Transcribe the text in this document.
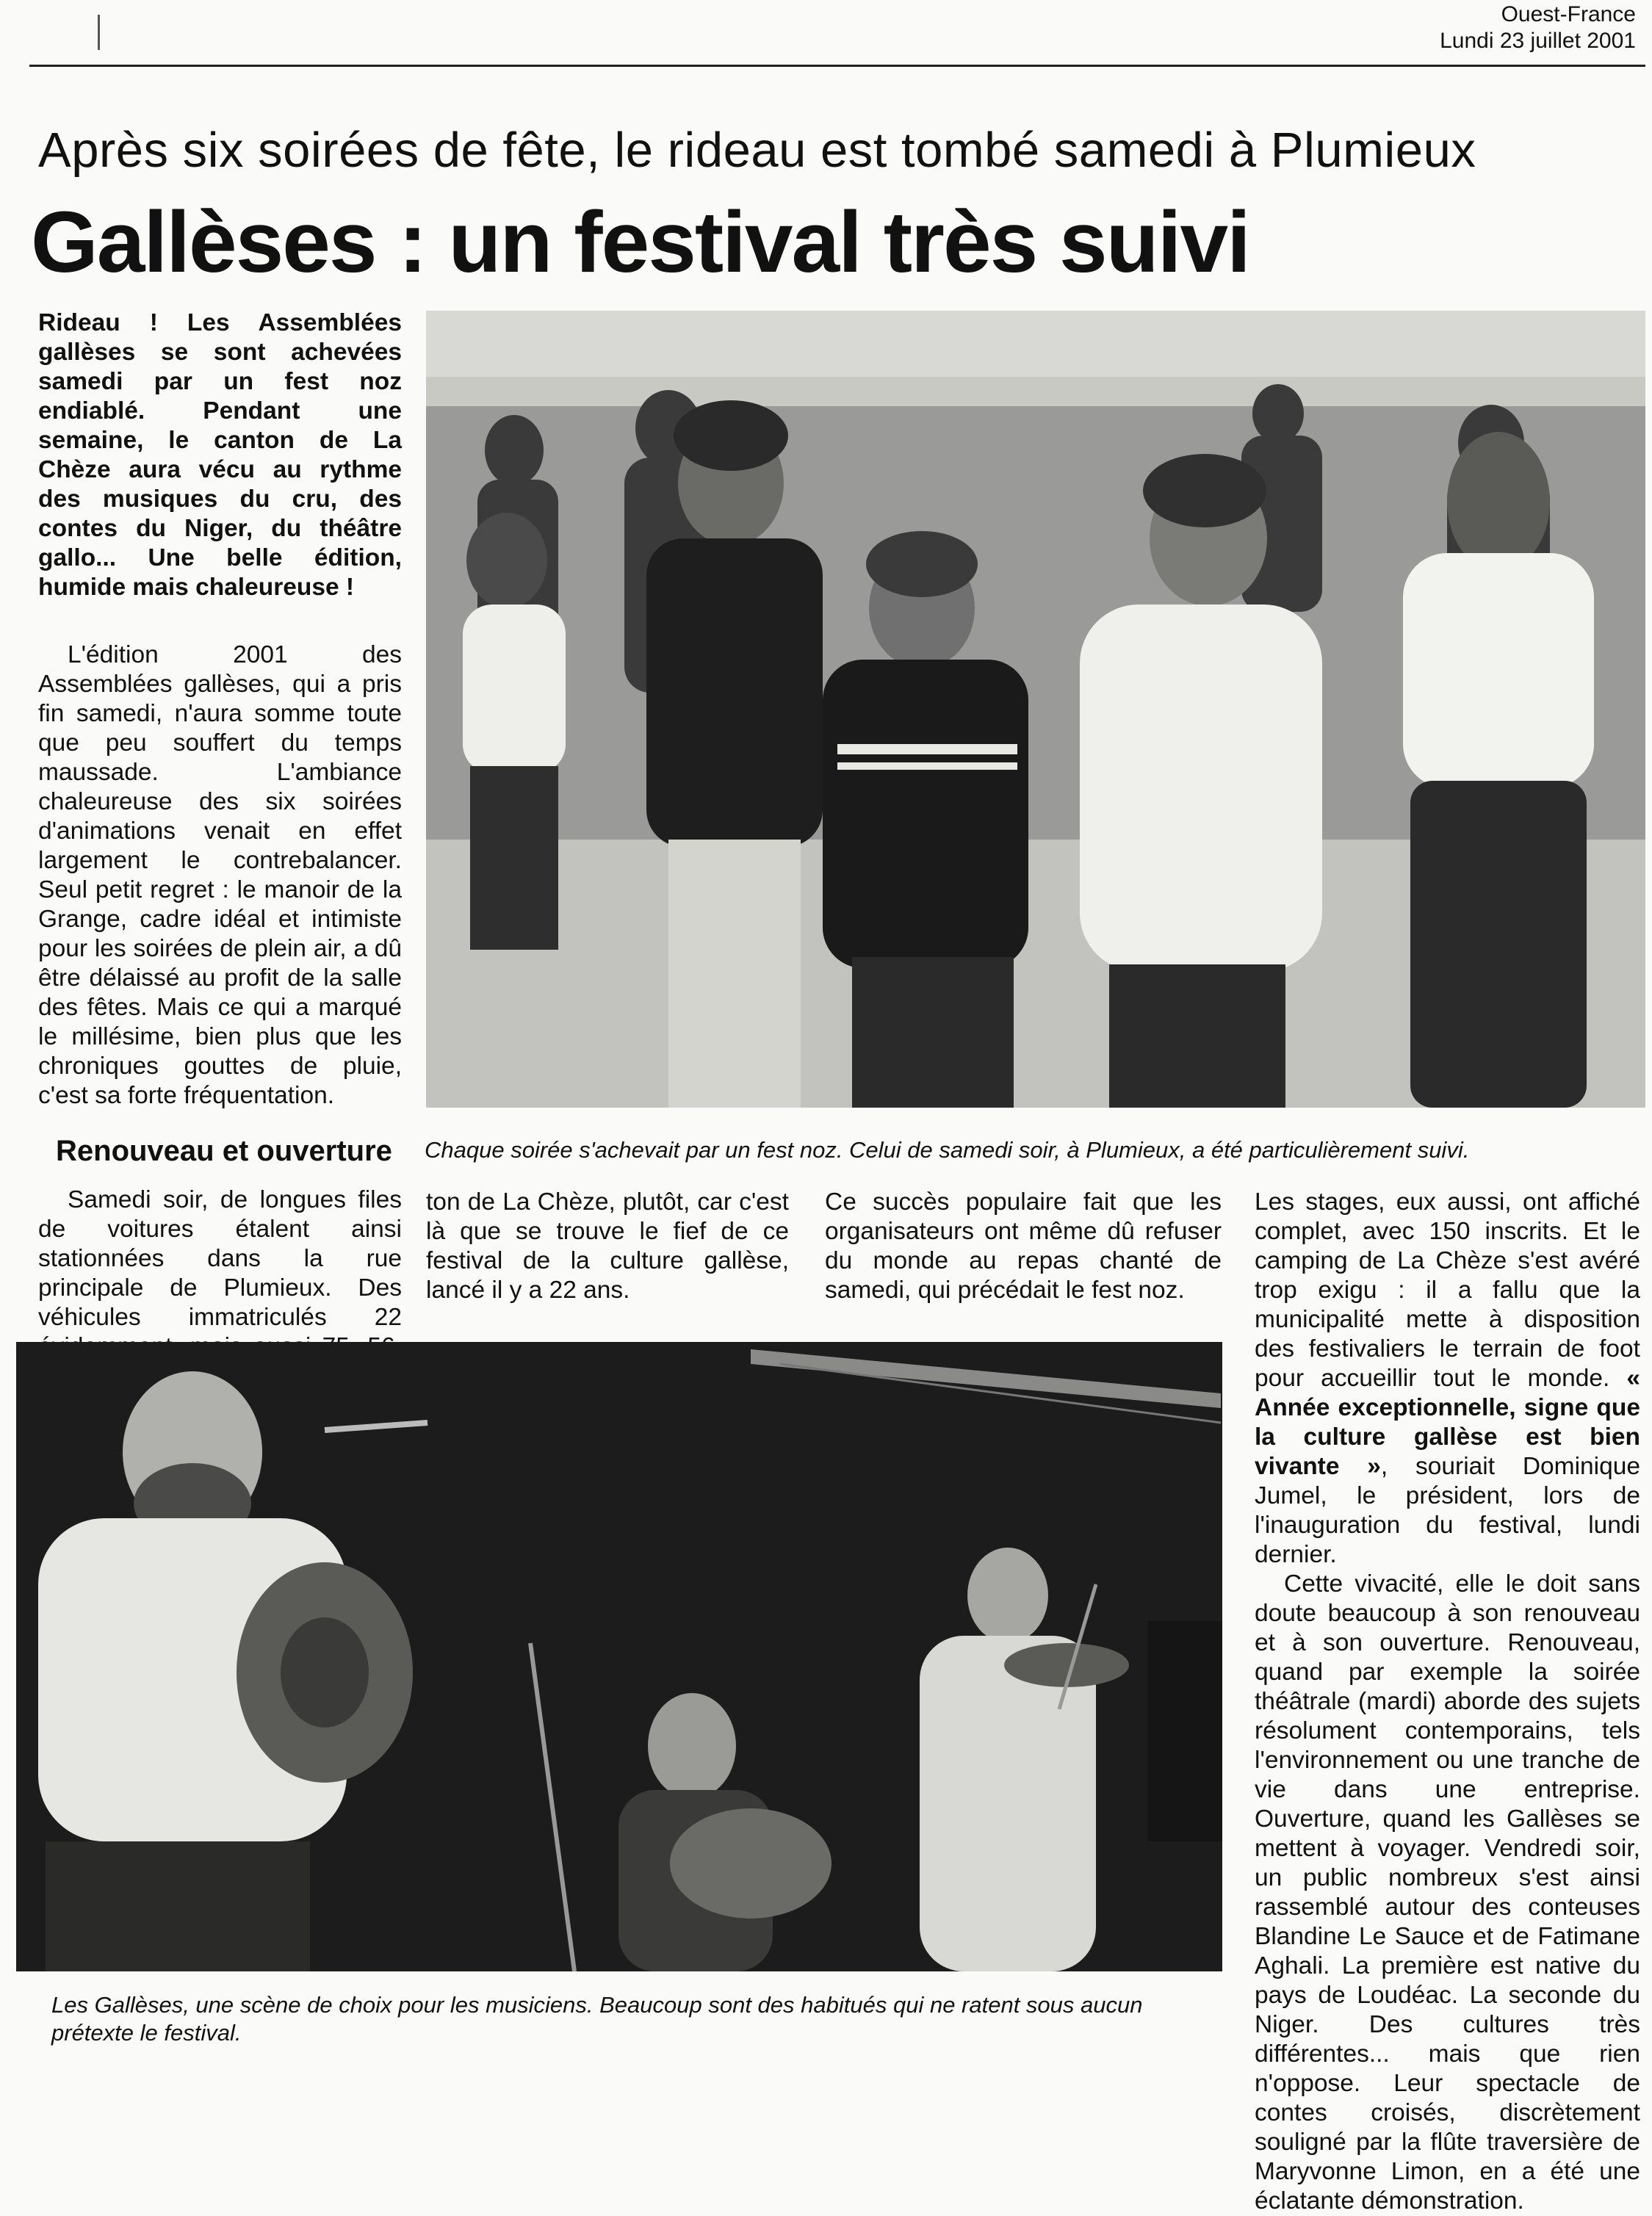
Ouest-France
Lundi 23 juillet 2001
Après six soirées de fête, le rideau est tombé samedi à Plumieux
Gallèses : un festival très suivi

Rideau ! Les Assemblées gallèses se sont achevées samedi par un fest noz endiablé. Pendant une semaine, le canton de La Chèze aura vécu au rythme des musiques du cru, des contes du Niger, du théâtre gallo... Une belle édition, humide mais chaleureuse !

L'édition 2001 des Assemblées gallèses, qui a pris fin samedi, n'aura somme toute que peu souffert du temps maussade. L'ambiance chaleureuse des six soirées d'animations venait en effet largement le contrebalancer. Seul petit regret : le manoir de la Grange, cadre idéal et intimiste pour les soirées de plein air, a dû être délaissé au profit de la salle des fêtes. Mais ce qui a marqué le millésime, bien plus que les chroniques gouttes de pluie, c'est sa forte fréquentation.

Renouveau et ouverture

Samedi soir, de longues files de voitures étalent ainsi stationnées dans la rue principale de Plumieux. Des véhicules immatriculés 22

Chaque soirée s'achevait par un fest noz. Celui de samedi soir, à Plumieux, a été particulièrement suivi.
ton de La Chèze, plutôt, car c'est là que se trouve le fief de ce festival de la culture gallèse, lancé il y a 22 ans.
Ce succès populaire fait que les organisateurs ont même dû refuser du monde au repas chanté de samedi, qui précédait le fest noz.

Les stages, eux aussi, ont affiché complet, avec 150 inscrits. Et le camping de La Chèze s'est avéré trop exigu : il a fallu que la municipalité mette à disposition des festivaliers le terrain de foot pour accueillir tout le monde. « Année exceptionnelle, signe que la culture gallèse est bien vivante », souriait Dominique Jumel, le président, lors de l'inauguration du festival, lundi dernier.

Cette vivacité, elle le doit sans doute beaucoup à son renouveau et à son ouverture. Renouveau, quand par exemple la soirée théâtrale (mardi) aborde des sujets résolument contemporains, tels l'environnement ou une tranche de vie dans une entreprise. Ouverture, quand les Gallèses se mettent à voyager. Vendredi soir, un public nombreux s'est ainsi rassemblé autour des conteuses Blandine Le Sauce et de Fatimane Aghali. La première est native du pays de Loudéac. La seconde du Niger. Des cultures très différentes... mais que rien n'oppose. Leur spectacle de contes croisés, discrètement souligné par la flûte traversière de Maryvonne Limon, en a été une éclatante démonstration.

Les Gallèses, une scène de choix pour les musiciens. Beaucoup sont des habitués qui ne ratent sous aucun prétexte le festival.
